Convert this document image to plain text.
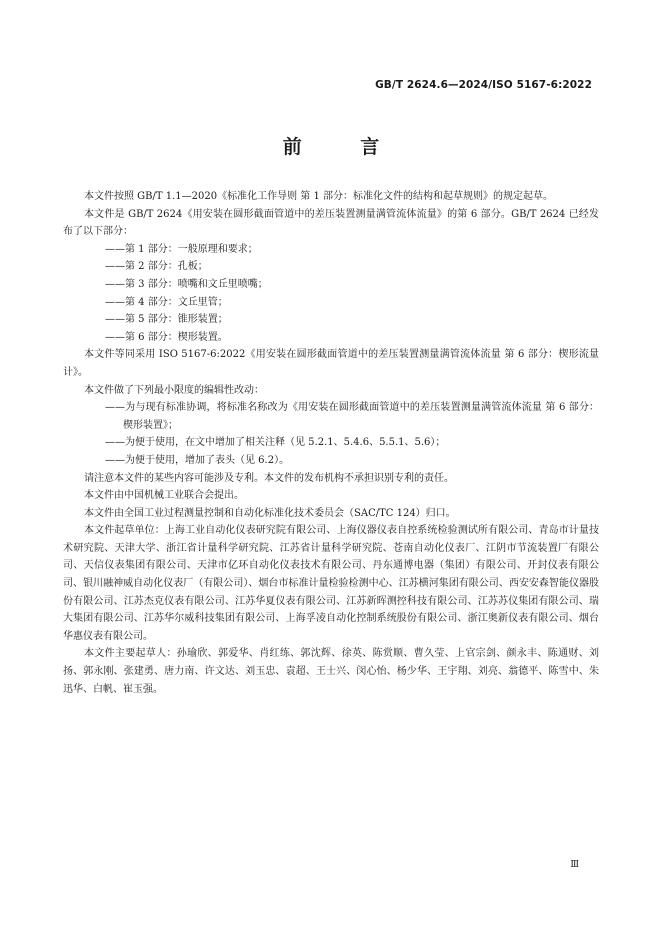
GB/T 2624.6—2024/ISO 5167-6:2022
前 言

本文件按照 GB/T 1.1—2020《标准化工作导则 第 1 部分：标准化文件的结构和起草规则》的规定起草。

本文件是 GB/T 2624《用安装在圆形截面管道中的差压装置测量满管流体流量》的第 6 部分。GB/T 2624 已经发布了以下部分：

——第 1 部分：一般原理和要求；

——第 2 部分：孔板；

——第 3 部分：喷嘴和文丘里喷嘴；

——第 4 部分：文丘里管；

——第 5 部分：锥形装置；

——第 6 部分：楔形装置。

本文件等同采用 ISO 5167-6:2022《用安装在圆形截面管道中的差压装置测量满管流体流量 第 6 部分：楔形流量计》。

本文件做了下列最小限度的编辑性改动：

——为与现有标准协调，将标准名称改为《用安装在圆形截面管道中的差压装置测量满管流体流量 第 6 部分：楔形装置》；

——为便于使用，在文中增加了相关注释（见 5.2.1、5.4.6、5.5.1、5.6）；

——为便于使用，增加了表头（见 6.2）。

请注意本文件的某些内容可能涉及专利。本文件的发布机构不承担识别专利的责任。

本文件由中国机械工业联合会提出。

本文件由全国工业过程测量控制和自动化标准化技术委员会（SAC/TC 124）归口。

本文件起草单位：上海工业自动化仪表研究院有限公司、上海仪器仪表自控系统检验测试所有限公司、青岛市计量技术研究院、天津大学、浙江省计量科学研究院、江苏省计量科学研究院、苍南自动化仪表厂、江阴市节流装置厂有限公司、天信仪表集团有限公司、天津市亿环自动化仪表技术有限公司、丹东通博电器（集团）有限公司、开封仪表有限公司、银川融神威自动化仪表厂（有限公司）、烟台市标准计量检验检测中心、江苏横河集团有限公司、西安安森智能仪器股份有限公司、江苏杰克仪表有限公司、江苏华夏仪表有限公司、江苏新晖测控科技有限公司、江苏苏仪集团有限公司、瑞大集团有限公司、江苏华尔威科技集团有限公司、上海孚凌自动化控制系统股份有限公司、浙江奥新仪表有限公司、烟台华惠仪表有限公司。

本文件主要起草人：孙瑜欣、郭爱华、肖红练、郭沈辉、徐英、陈赏顺、曹久莹、上官宗剑、颜永丰、陈通财、刘扬、郭永刚、张建勇、唐力南、许文达、刘玉忠、袁超、王士兴、闵心怡、杨少华、王宇翔、刘亮、翁德平、陈雪中、朱迅华、白帆、崔玉强。

Ⅲ
